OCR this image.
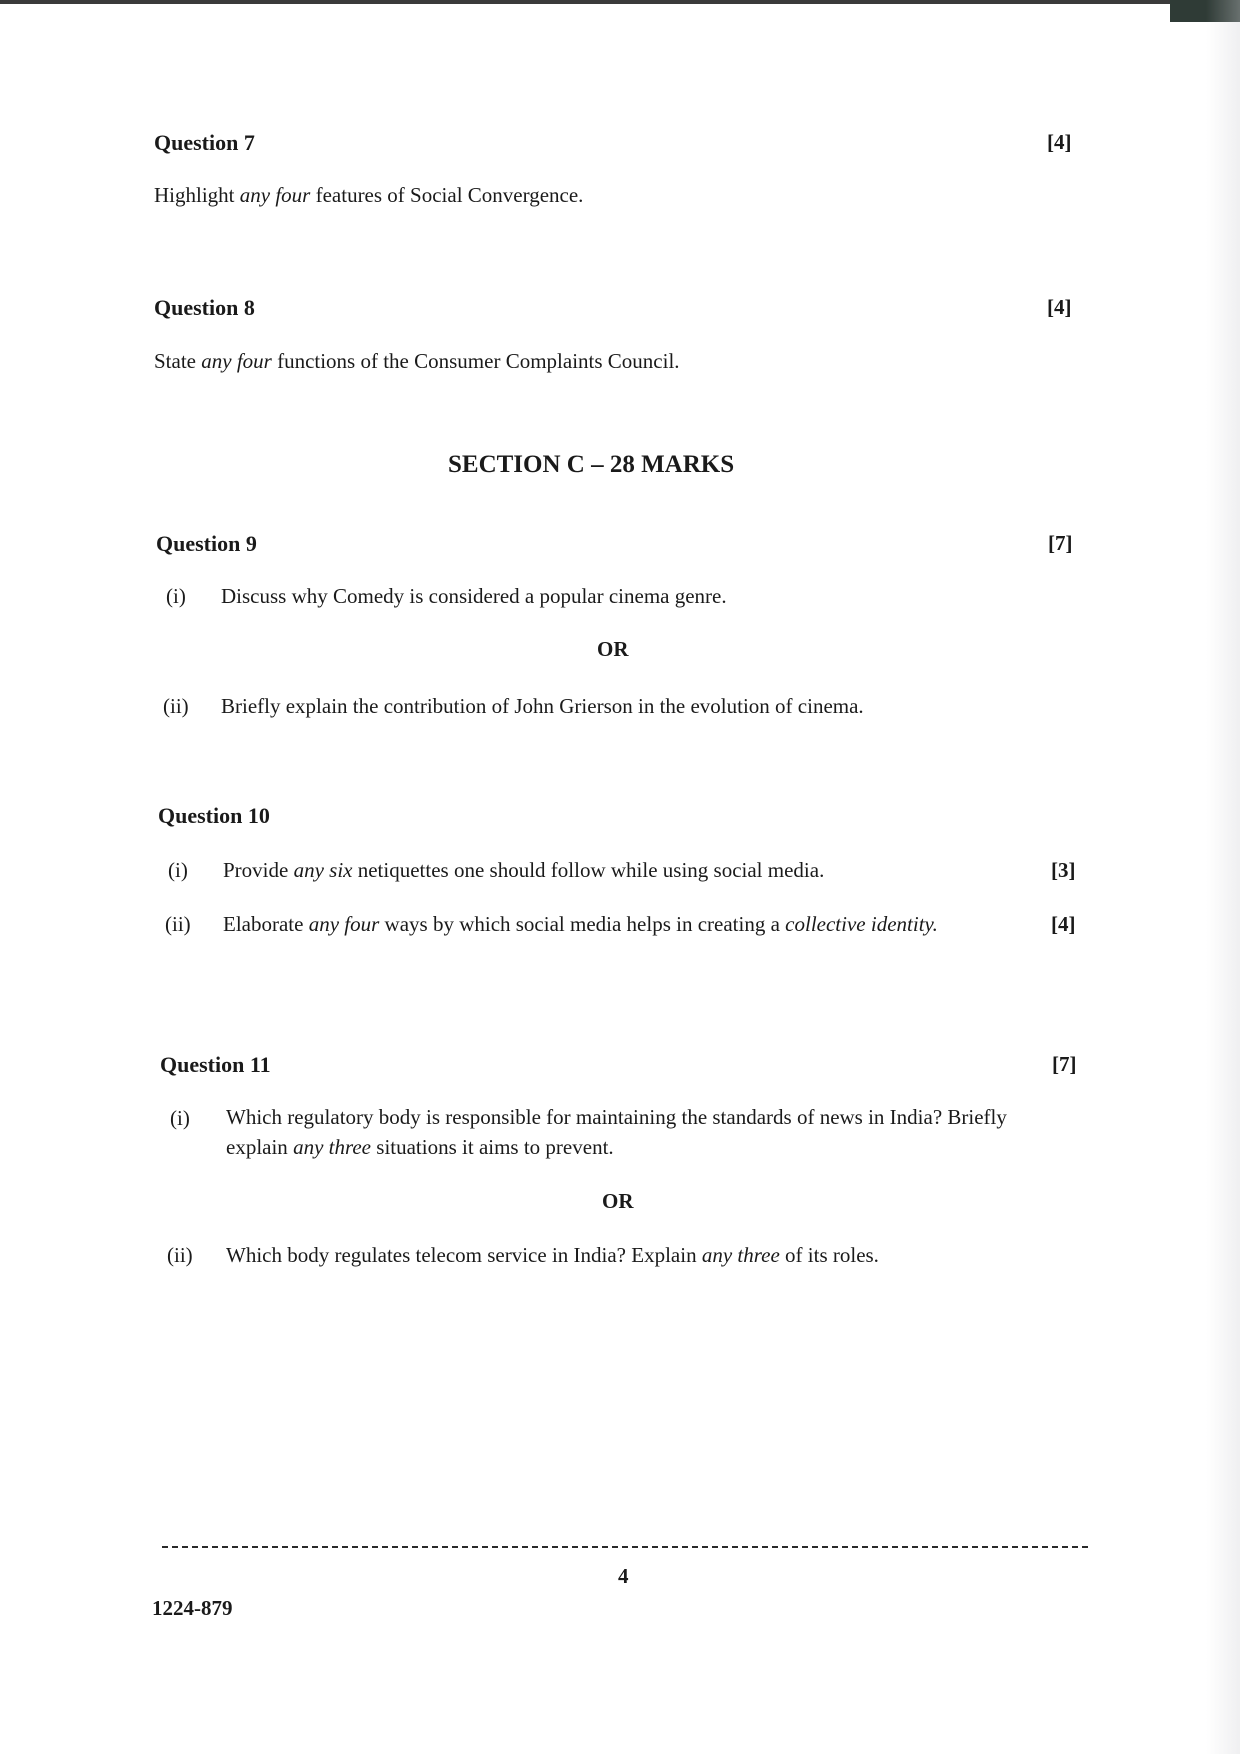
Question 7	[4]
Highlight any four features of Social Convergence.
Question 8	[4]
State any four functions of the Consumer Complaints Council.
SECTION C – 28 MARKS
Question 9	[7]
(i) Discuss why Comedy is considered a popular cinema genre.
OR
(ii) Briefly explain the contribution of John Grierson in the evolution of cinema.
Question 10
(i) Provide any six netiquettes one should follow while using social media.	[3]
(ii) Elaborate any four ways by which social media helps in creating a collective identity.	[4]
Question 11	[7]
(i) Which regulatory body is responsible for maintaining the standards of news in India? Briefly explain any three situations it aims to prevent.
OR
(ii) Which body regulates telecom service in India? Explain any three of its roles.
4
1224-879
